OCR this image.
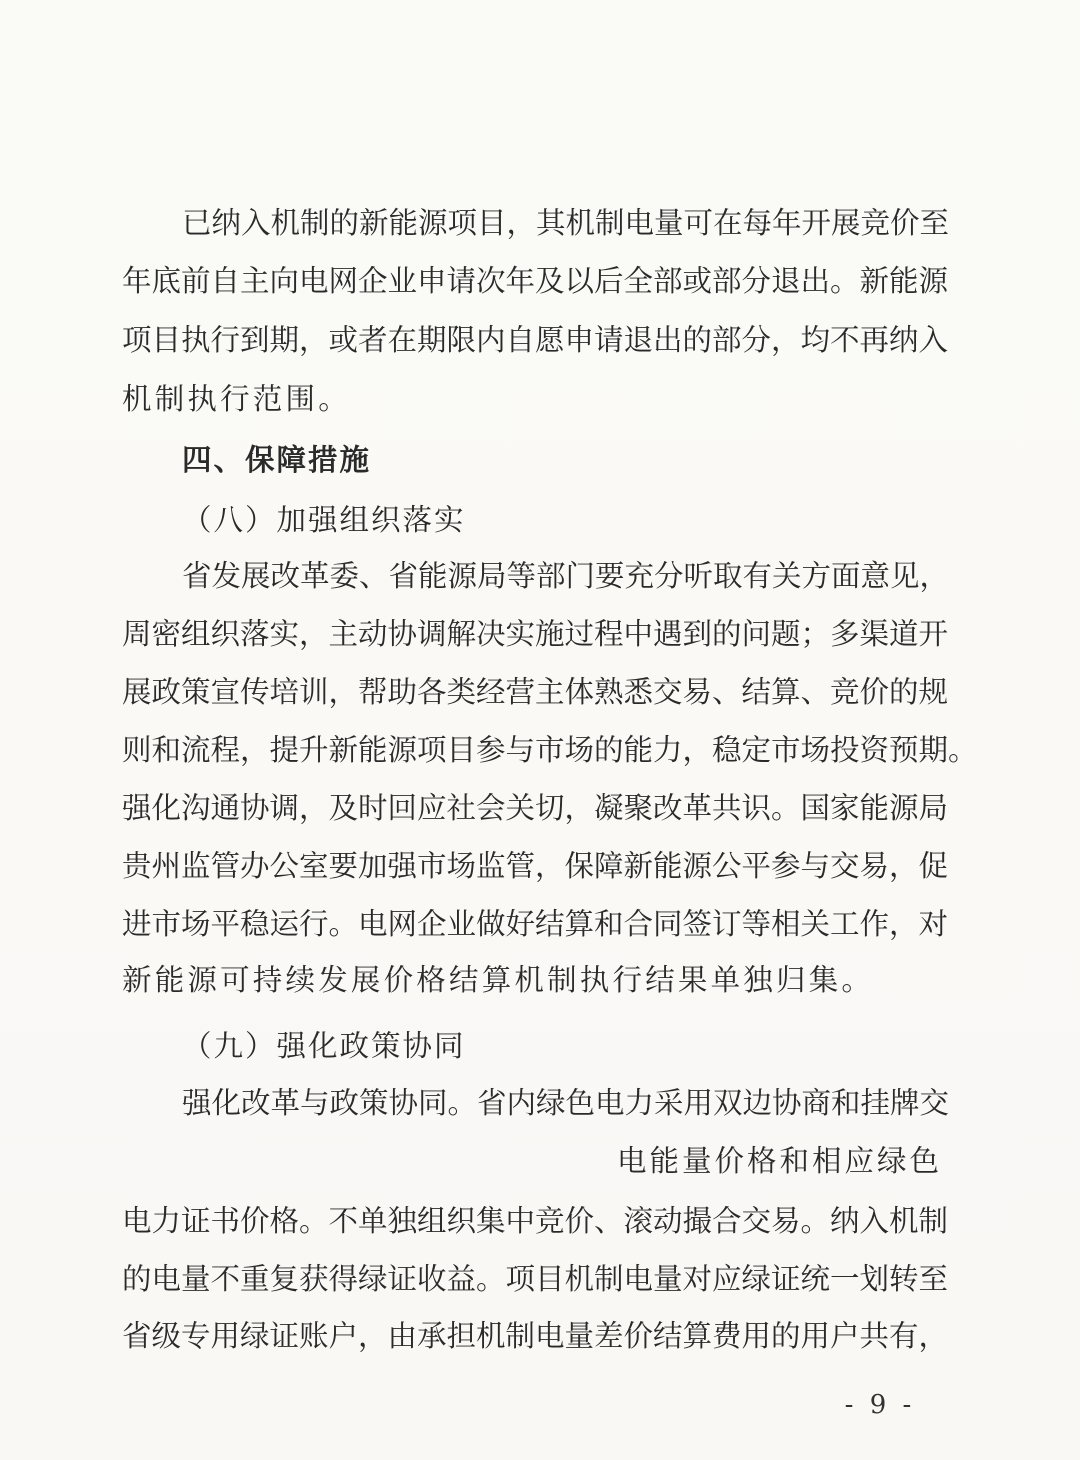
已纳入机制的新能源项目，其机制电量可在每年开展竞价至
年底前自主向电网企业申请次年及以后全部或部分退出。新能源
项目执行到期，或者在期限内自愿申请退出的部分，均不再纳入
机制执行范围。
四、保障措施
（八）加强组织落实
省发展改革委、省能源局等部门要充分听取有关方面意见，
周密组织落实，主动协调解决实施过程中遇到的问题；多渠道开
展政策宣传培训，帮助各类经营主体熟悉交易、结算、竞价的规
则和流程，提升新能源项目参与市场的能力，稳定市场投资预期。
强化沟通协调，及时回应社会关切，凝聚改革共识。国家能源局
贵州监管办公室要加强市场监管，保障新能源公平参与交易，促
进市场平稳运行。电网企业做好结算和合同签订等相关工作，对
新能源可持续发展价格结算机制执行结果单独归集。
（九）强化政策协同
强化改革与政策协同。省内绿色电力采用双边协商和挂牌交
电能量价格和相应绿色
电力证书价格。不单独组织集中竞价、滚动撮合交易。纳入机制
的电量不重复获得绿证收益。项目机制电量对应绿证统一划转至
省级专用绿证账户，由承担机制电量差价结算费用的用户共有，
- 9 -
